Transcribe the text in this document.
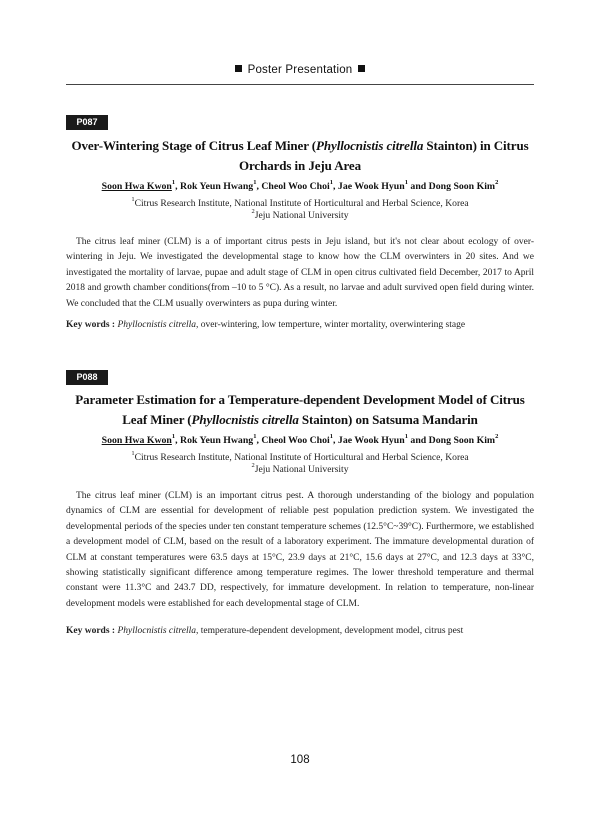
Poster Presentation
P087
Over-Wintering Stage of Citrus Leaf Miner (Phyllocnistis citrella Stainton) in Citrus Orchards in Jeju Area
Soon Hwa Kwon$^1$, Rok Yeun Hwang$^1$, Cheol Woo Choi$^1$, Jae Wook Hyun$^1$ and Dong Soon Kim$^2$
$^1$Citrus Research Institute, National Institute of Horticultural and Herbal Science, Korea
$^2$Jeju National University
The citrus leaf miner (CLM) is a of important citrus pests in Jeju island, but it's not clear about ecology of over-wintering in Jeju. We investigated the developmental stage to know how the CLM overwinters in 20 sites. And we investigated the mortality of larvae, pupae and adult stage of CLM in open citrus cultivated field December, 2017 to April 2018 and growth chamber conditions(from –10 to 5 °C). As a result, no larvae and adult survived open field during winter. We concluded that the CLM usually overwinters as pupa during winter.
Key words : Phyllocnistis citrella, over-wintering, low temperture, winter mortality, overwintering stage
P088
Parameter Estimation for a Temperature-dependent Development Model of Citrus Leaf Miner (Phyllocnistis citrella Stainton) on Satsuma Mandarin
Soon Hwa Kwon$^1$, Rok Yeun Hwang$^1$, Cheol Woo Choi$^1$, Jae Wook Hyun$^1$ and Dong Soon Kim$^2$
$^1$Citrus Research Institute, National Institute of Horticultural and Herbal Science, Korea
$^2$Jeju National University
The citrus leaf miner (CLM) is an important citrus pest. A thorough understanding of the biology and population dynamics of CLM are essential for development of reliable pest population prediction system. We investigated the developmental periods of the species under ten constant temperature schemes (12.5°C~39°C). Furthermore, we established a development model of CLM, based on the result of a laboratory experiment. The immature developmental duration of CLM at constant temperatures were 63.5 days at 15°C, 23.9 days at 21°C, 15.6 days at 27°C, and 12.3 days at 33°C, showing statistically significant difference among temperature regimes. The lower threshold temperature and thermal constant were 11.3°C and 243.7 DD, respectively, for immature development. In relation to temperature, non-linear development models were established for each developmental stage of CLM.
Key words : Phyllocnistis citrella, temperature-dependent development, development model, citrus pest
108
